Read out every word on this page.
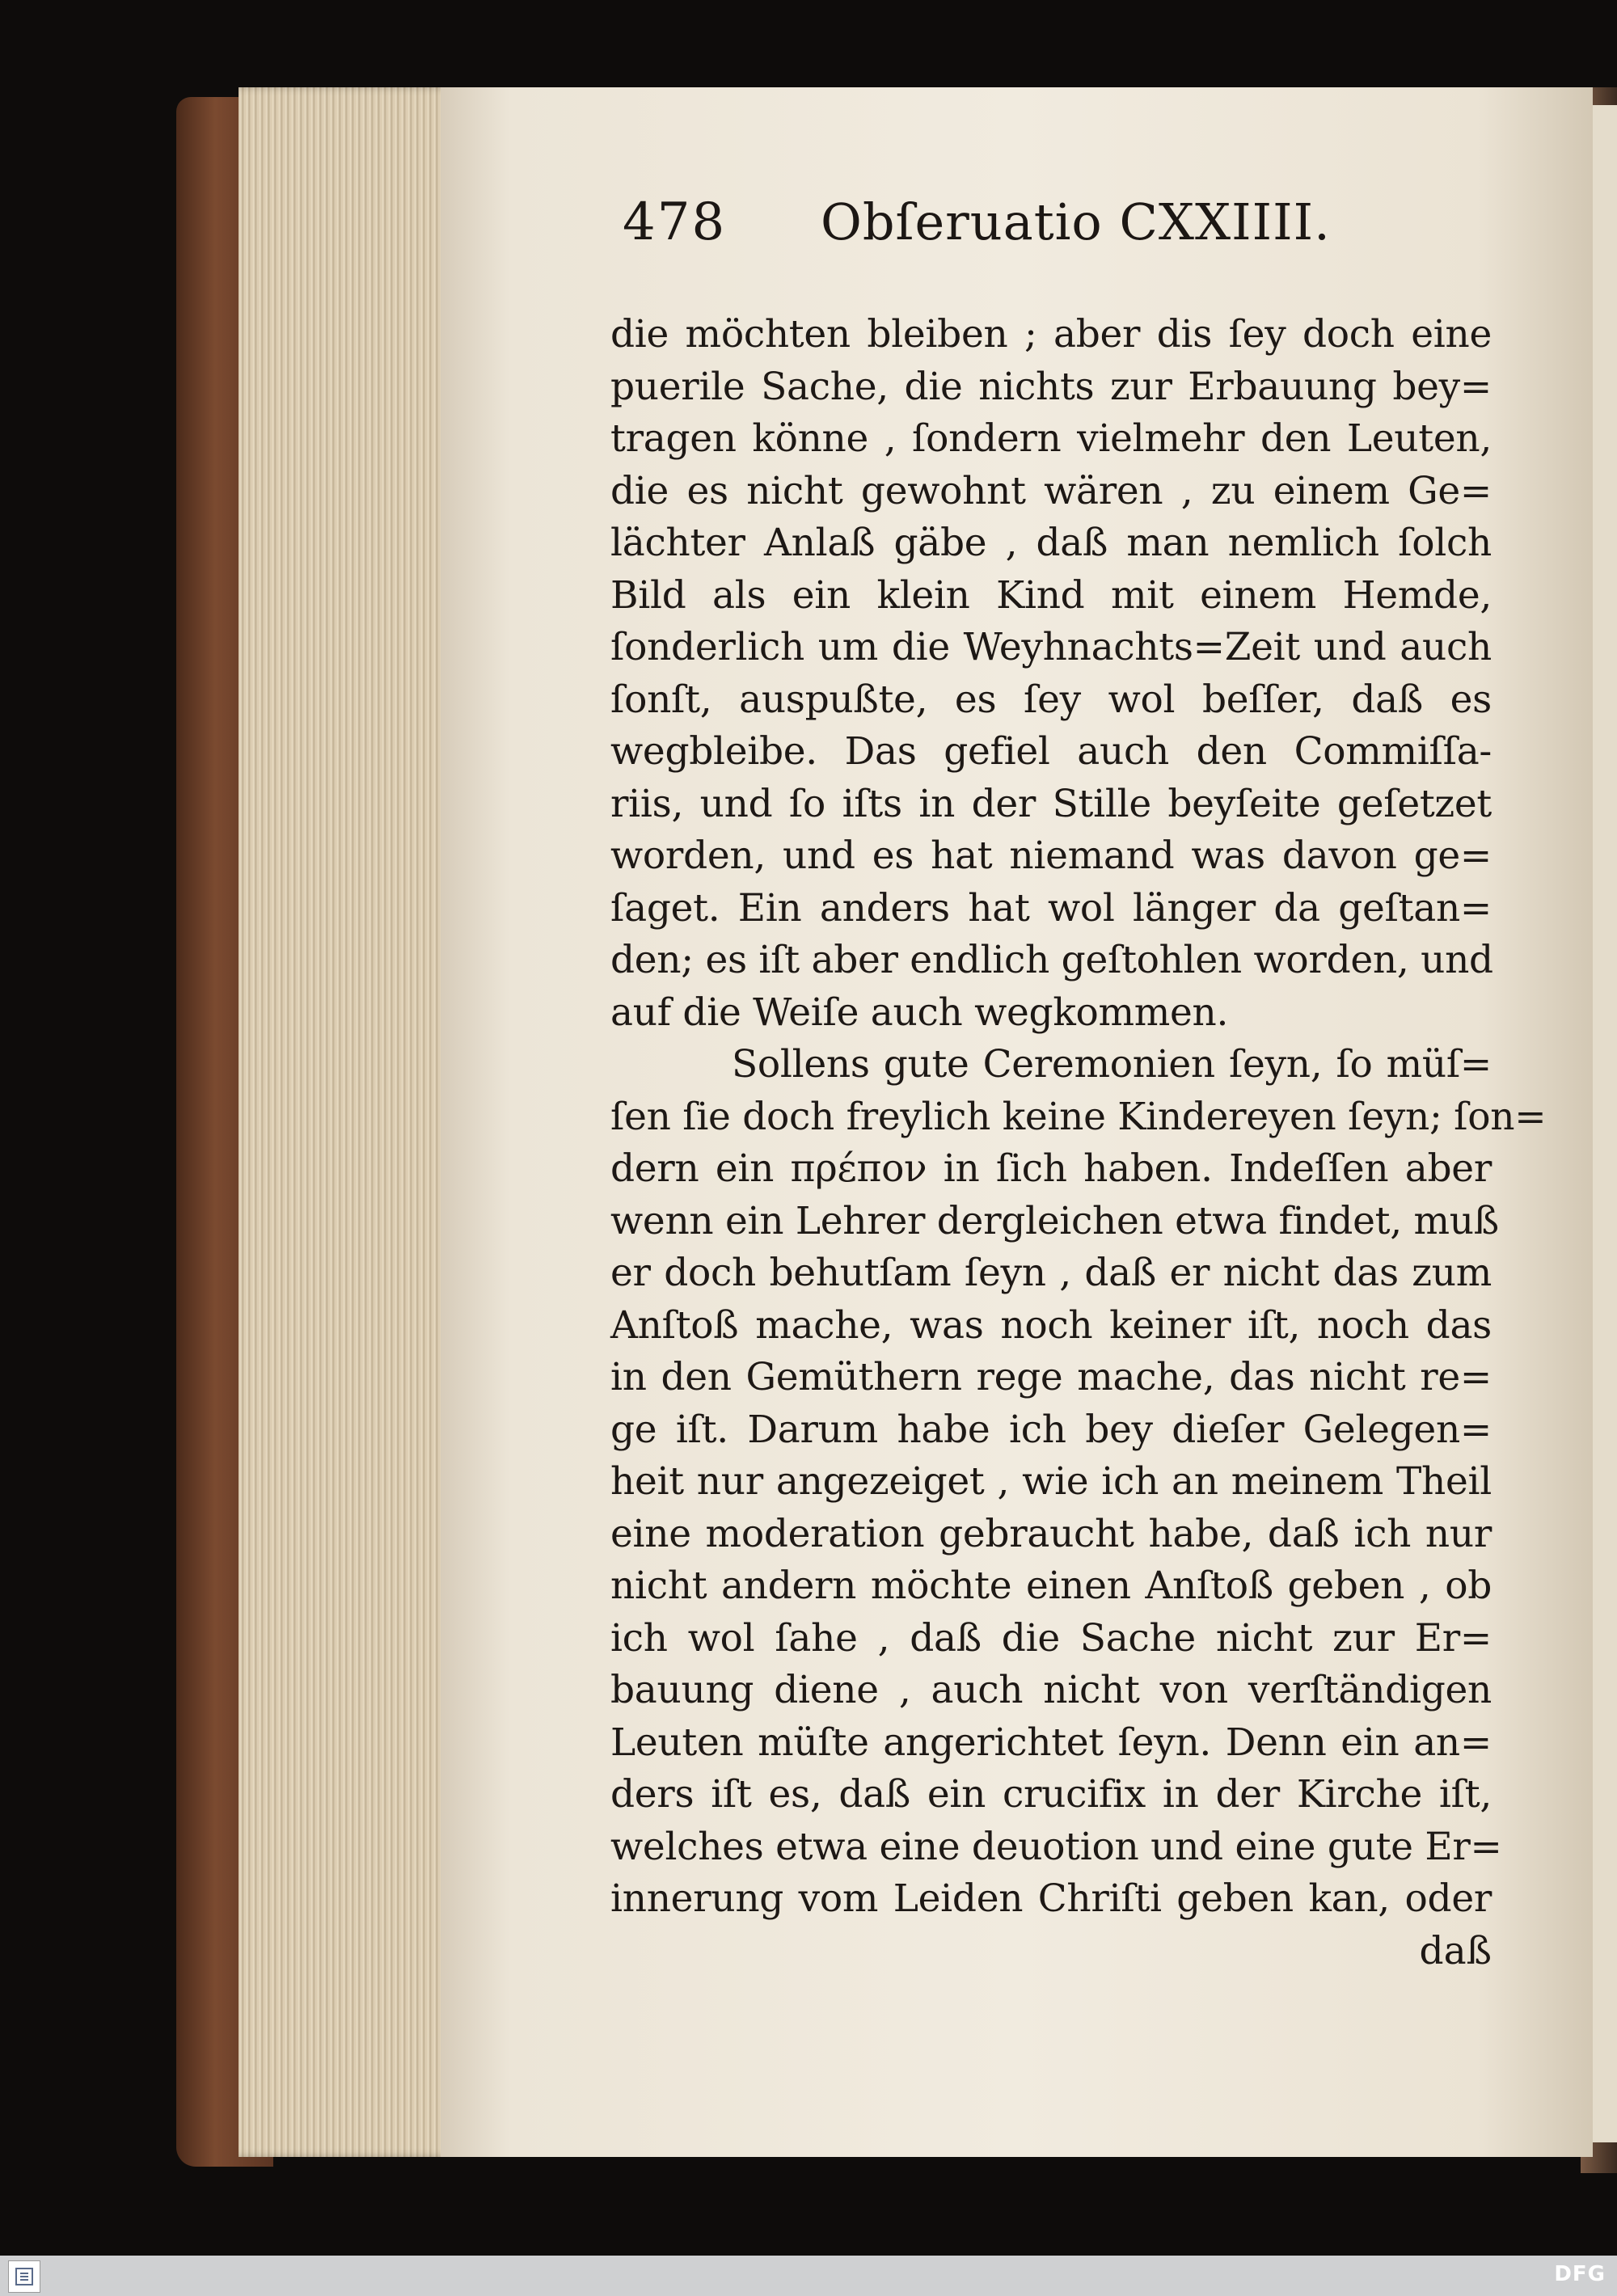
478 Obſeruatio CXXIIII.
die möchten bleiben ; aber dis ſey doch eine
puerile Sache, die nichts zur Erbauung bey=
tragen könne , ſondern vielmehr den Leuten,
die es nicht gewohnt wären , zu einem Ge=
lächter Anlaß gäbe , daß man nemlich ſolch
Bild als ein klein Kind mit einem Hemde,
ſonderlich um die Weyhnachts=Zeit und auch
ſonſt, auspußte, es ſey wol beſſer, daß es
wegbleibe. Das gefiel auch den Commiſſa-
riis, und ſo iſts in der Stille beyſeite geſetzet
worden, und es hat niemand was davon ge=
ſaget. Ein anders hat wol länger da geſtan=
den; es iſt aber endlich geſtohlen worden, und
auf die Weiſe auch wegkommen.
Sollens gute Ceremonien ſeyn, ſo müſ=
ſen ſie doch freylich keine Kindereyen ſeyn; ſon=
dern ein πρέπον in ſich haben. Indeſſen aber
wenn ein Lehrer dergleichen etwa findet, muß
er doch behutſam ſeyn , daß er nicht das zum
Anſtoß mache, was noch keiner iſt, noch das
in den Gemüthern rege mache, das nicht re=
ge iſt. Darum habe ich bey dieſer Gelegen=
heit nur angezeiget , wie ich an meinem Theil
eine moderation gebraucht habe, daß ich nur
nicht andern möchte einen Anſtoß geben , ob
ich wol ſahe , daß die Sache nicht zur Er=
bauung diene , auch nicht von verſtändigen
Leuten müſte angerichtet ſeyn. Denn ein an=
ders iſt es, daß ein crucifix in der Kirche iſt,
welches etwa eine deuotion und eine gute Er=
innerung vom Leiden Chriſti geben kan, oder
daß
DFG
